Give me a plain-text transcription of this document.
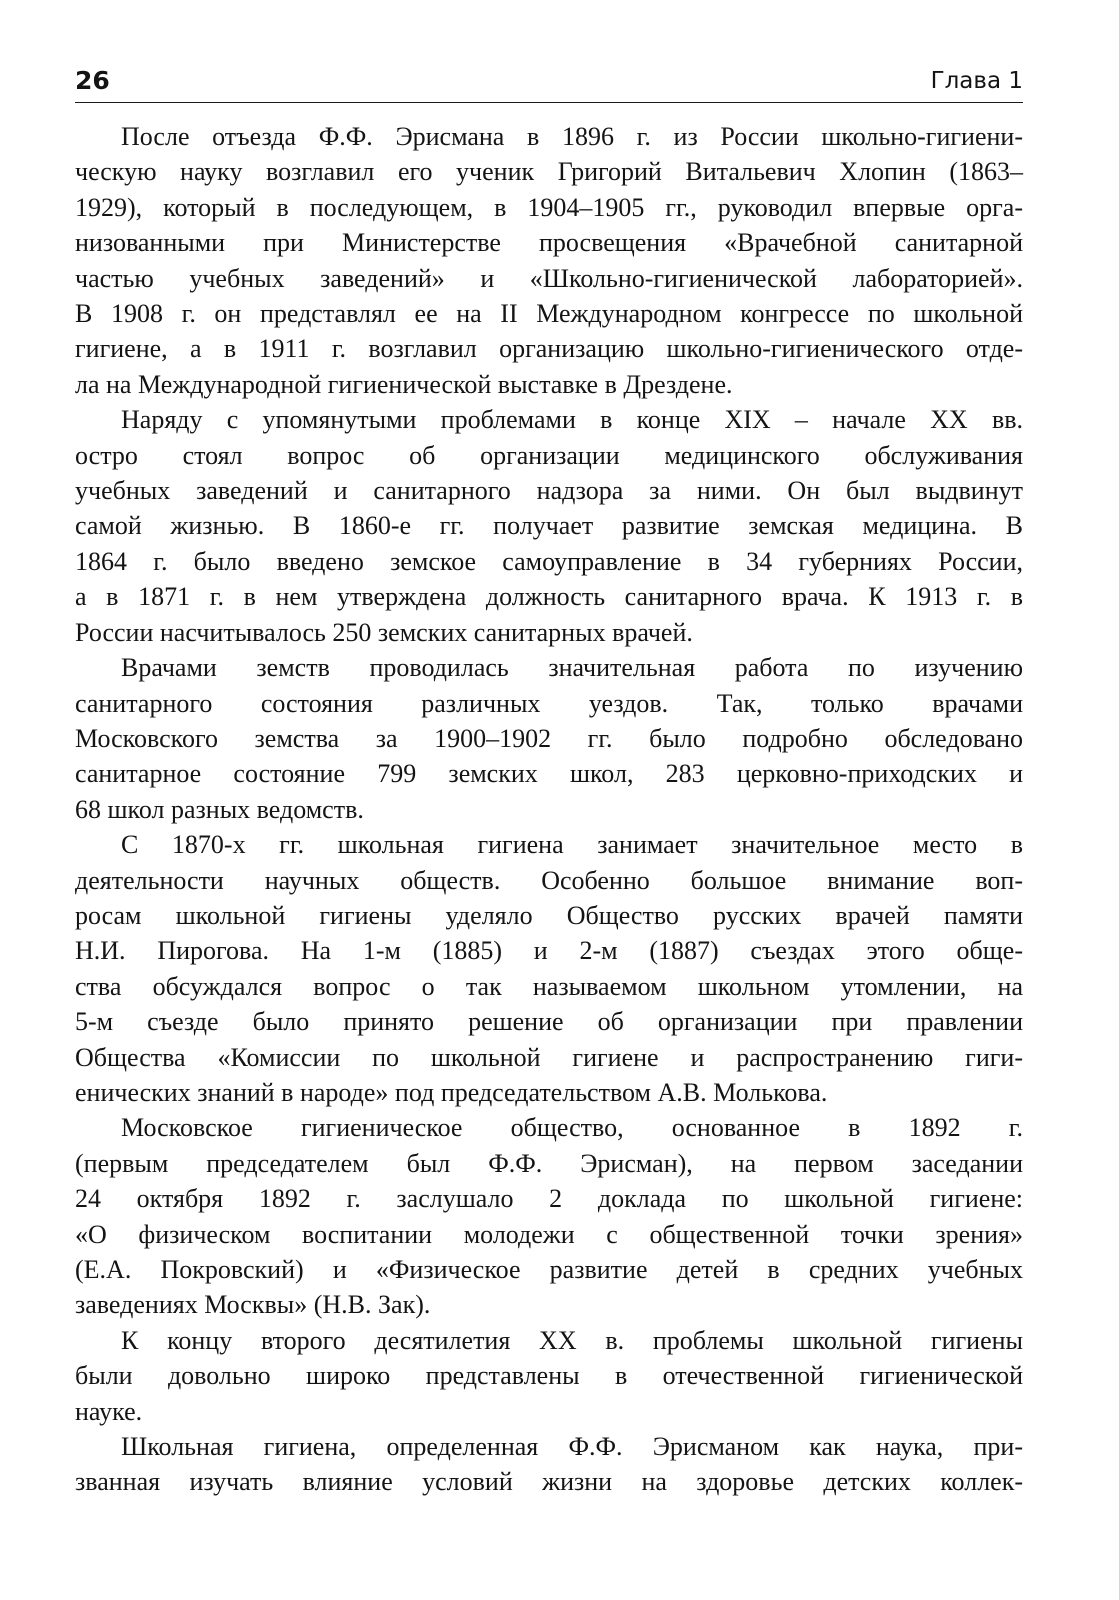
26	Глава 1

После отъезда Ф.Ф. Эрисмана в 1896 г. из России школьно-гигиени-
ческую науку возглавил его ученик Григорий Витальевич Хлопин (1863–
1929), который в последующем, в 1904–1905 гг., руководил впервые орга-
низованными при Министерстве просвещения «Врачебной санитарной
частью учебных заведений» и «Школьно-гигиенической лабораторией».
В 1908 г. он представлял ее на II Международном конгрессе по школьной
гигиене, а в 1911 г. возглавил организацию школьно-гигиенического отде-
ла на Международной гигиенической выставке в Дрездене.

Наряду с упомянутыми проблемами в конце XIX – начале XX вв.
остро стоял вопрос об организации медицинского обслуживания
учебных заведений и санитарного надзора за ними. Он был выдвинут
самой жизнью. В 1860-е гг. получает развитие земская медицина. В
1864 г. было введено земское самоуправление в 34 губерниях России,
а в 1871 г. в нем утверждена должность санитарного врача. К 1913 г. в
России насчитывалось 250 земских санитарных врачей.

Врачами земств проводилась значительная работа по изучению
санитарного состояния различных уездов. Так, только врачами
Московского земства за 1900–1902 гг. было подробно обследовано
санитарное состояние 799 земских школ, 283 церковно-приходских и
68 школ разных ведомств.

С 1870-х гг. школьная гигиена занимает значительное место в
деятельности научных обществ. Особенно большое внимание воп-
росам школьной гигиены уделяло Общество русских врачей памяти
Н.И. Пирогова. На 1-м (1885) и 2-м (1887) съездах этого обще-
ства обсуждался вопрос о так называемом школьном утомлении, на
5-м съезде было принято решение об организации при правлении
Общества «Комиссии по школьной гигиене и распространению гиги-
енических знаний в народе» под председательством А.В. Молькова.

Московское гигиеническое общество, основанное в 1892 г.
(первым председателем был Ф.Ф. Эрисман), на первом заседании
24 октября 1892 г. заслушало 2 доклада по школьной гигиене:
«О физическом воспитании молодежи с общественной точки зрения»
(Е.А. Покровский) и «Физическое развитие детей в средних учебных
заведениях Москвы» (Н.В. Зак).

К концу второго десятилетия XX в. проблемы школьной гигиены
были довольно широко представлены в отечественной гигиенической
науке.

Школьная гигиена, определенная Ф.Ф. Эрисманом как наука, при-
званная изучать влияние условий жизни на здоровье детских коллек-
